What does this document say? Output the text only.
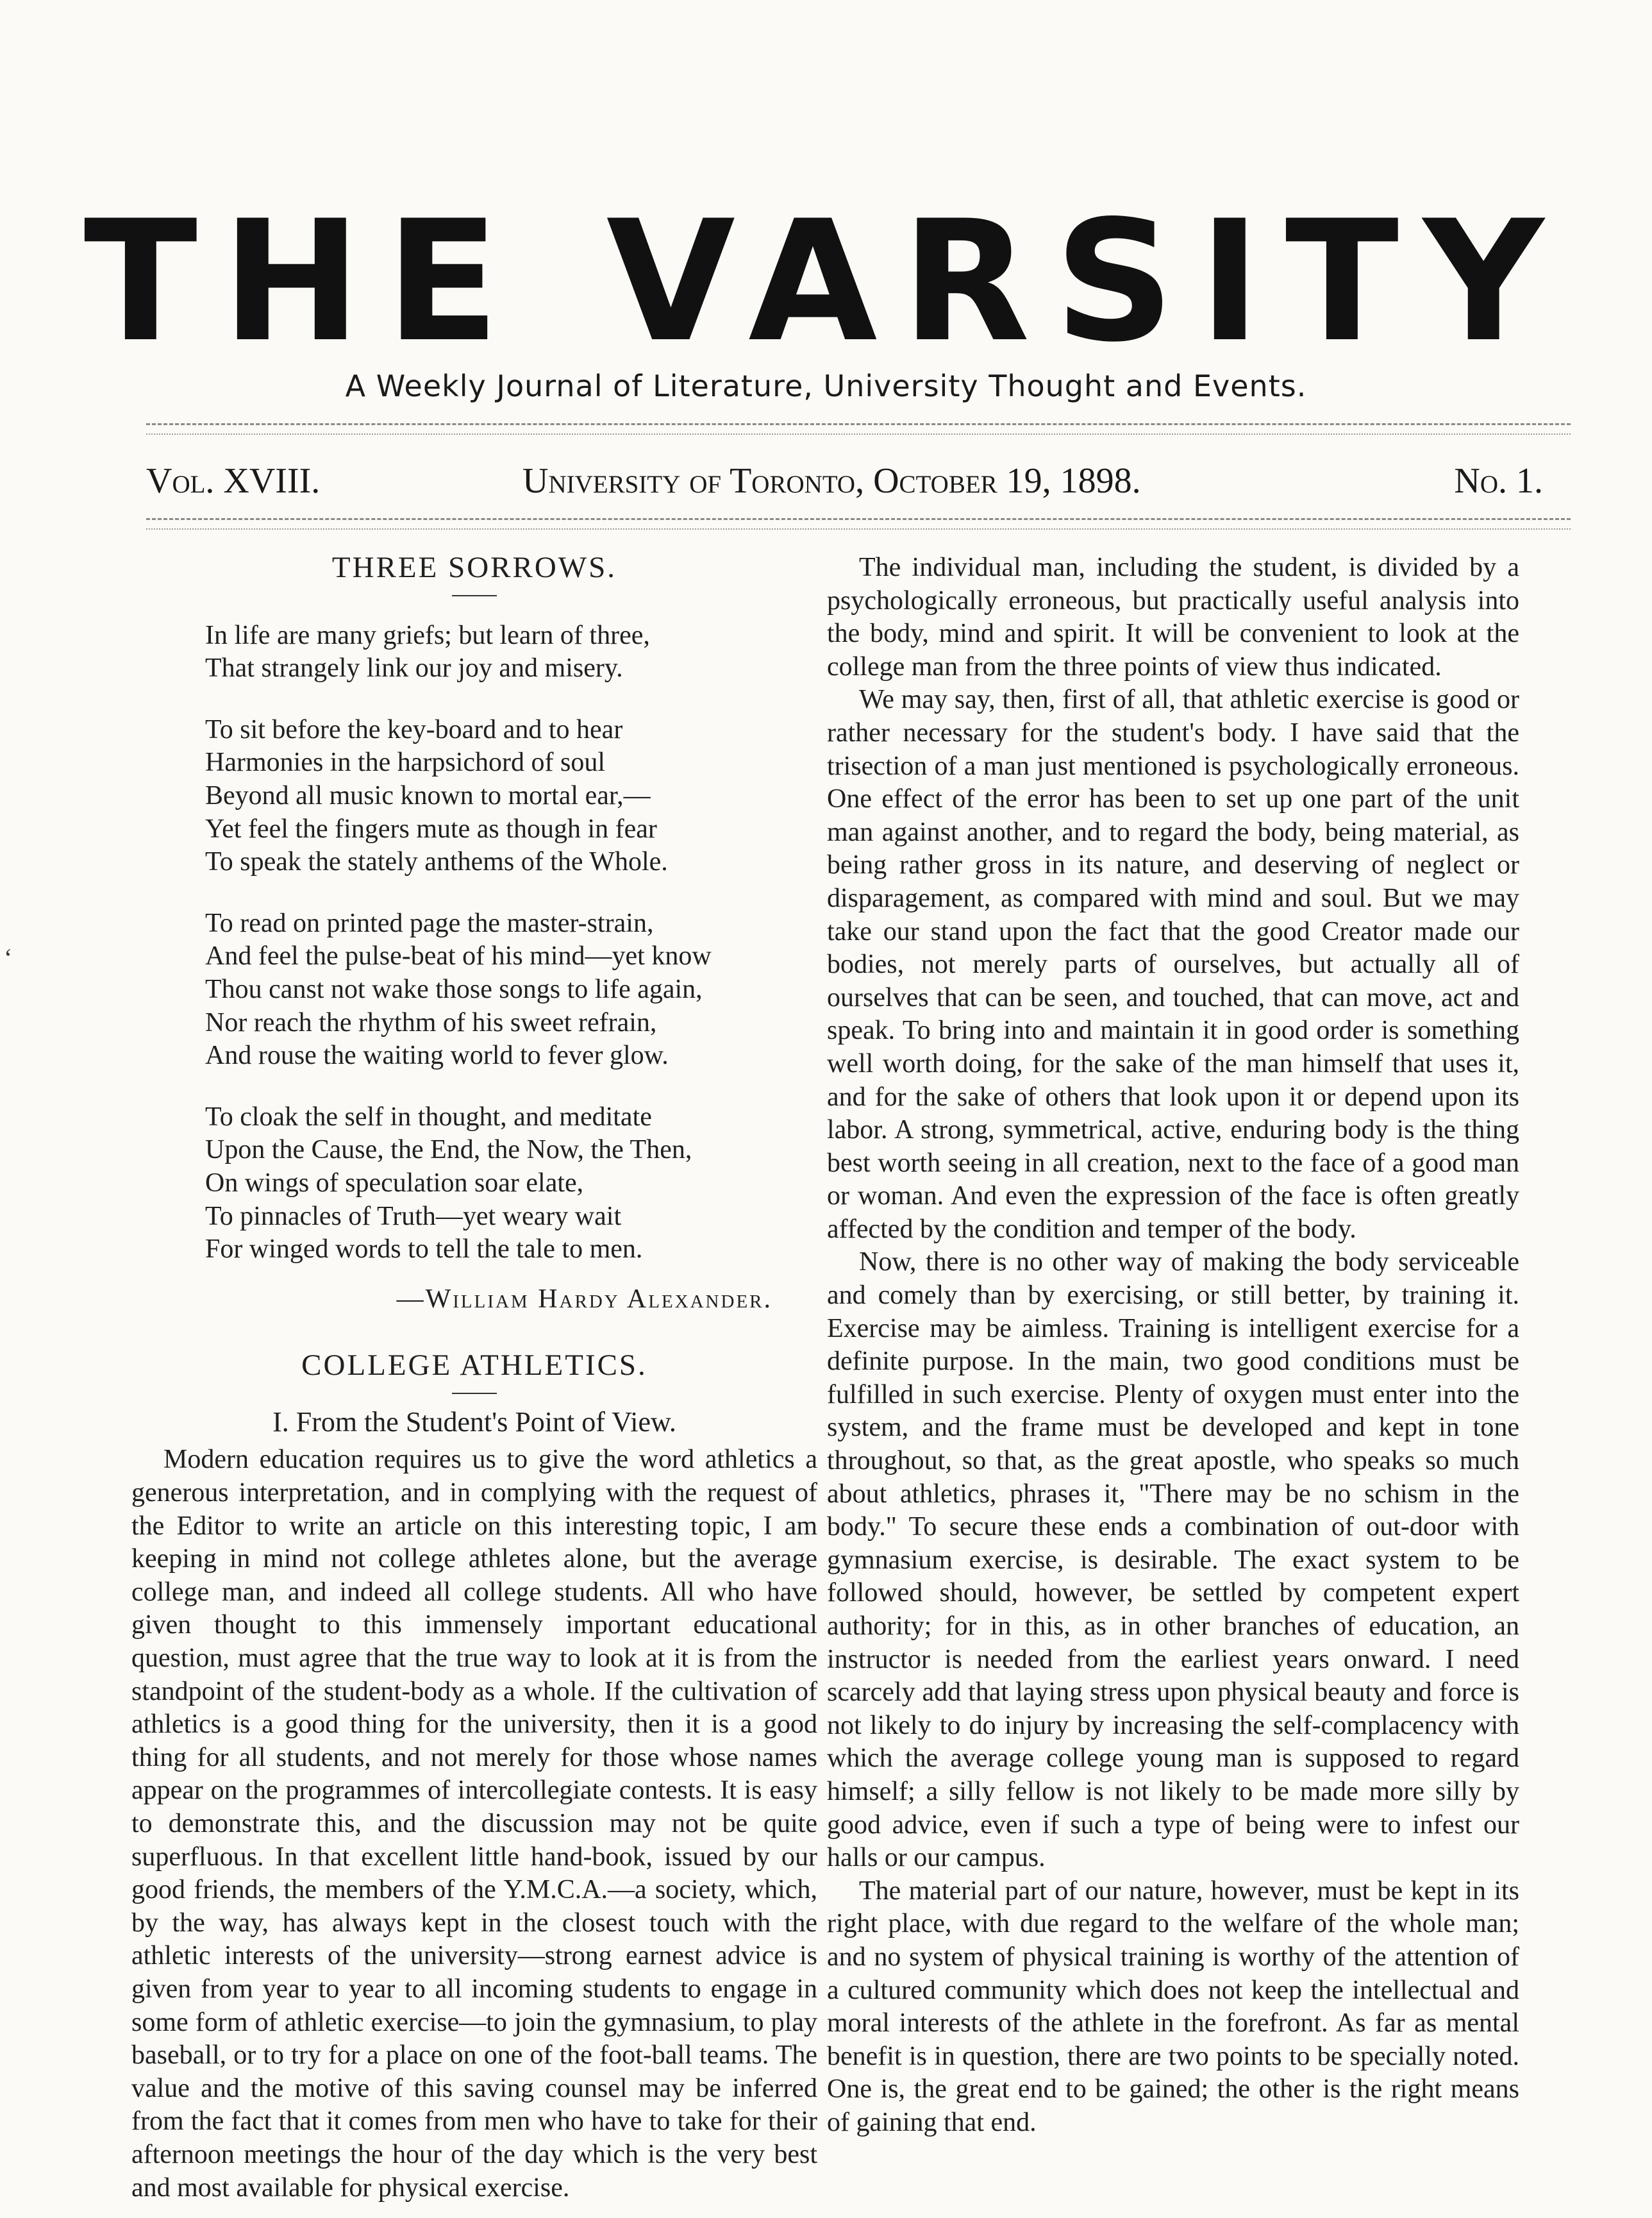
THE VARSITY
A Weekly Journal of Literature, University Thought and Events.
Vol. XVIII.	University of Toronto, October 19, 1898.	No. 1.
‘
THREE SORROWS.
In life are many griefs; but learn of three,
That strangely link our joy and misery.
To sit before the key-board and to hear
Harmonies in the harpsichord of soul
Beyond all music known to mortal ear,—
Yet feel the fingers mute as though in fear
To speak the stately anthems of the Whole.
To read on printed page the master-strain,
And feel the pulse-beat of his mind—yet know
Thou canst not wake those songs to life again,
Nor reach the rhythm of his sweet refrain,
And rouse the waiting world to fever glow.
To cloak the self in thought, and meditate
Upon the Cause, the End, the Now, the Then,
On wings of speculation soar elate,
To pinnacles of Truth—yet weary wait
For winged words to tell the tale to men.
—William Hardy Alexander.
COLLEGE ATHLETICS.
I. From the Student's Point of View.

Modern education requires us to give the word athletics a generous interpretation, and in complying with the request of the Editor to write an article on this interesting topic, I am keeping in mind not college athletes alone, but the average college man, and indeed all college students. All who have given thought to this immensely important educational question, must agree that the true way to look at it is from the standpoint of the student-body as a whole. If the cultivation of athletics is a good thing for the university, then it is a good thing for all students, and not merely for those whose names appear on the programmes of intercollegiate contests. It is easy to demonstrate this, and the discussion may not be quite superfluous. In that excellent little hand-book, issued by our good friends, the members of the Y.M.C.A.—a society, which, by the way, has always kept in the closest touch with the athletic interests of the university—strong earnest advice is given from year to year to all incoming students to engage in some form of athletic exercise—to join the gymnasium, to play baseball, or to try for a place on one of the foot-ball teams. The value and the motive of this saving counsel may be inferred from the fact that it comes from men who have to take for their afternoon meetings the hour of the day which is the very best and most available for physical exercise.

The individual man, including the student, is divided by a psychologically erroneous, but practically useful analysis into the body, mind and spirit. It will be convenient to look at the college man from the three points of view thus indicated.

We may say, then, first of all, that athletic exercise is good or rather necessary for the student's body. I have said that the trisection of a man just mentioned is psychologically erroneous. One effect of the error has been to set up one part of the unit man against another, and to regard the body, being material, as being rather gross in its nature, and deserving of neglect or disparagement, as compared with mind and soul. But we may take our stand upon the fact that the good Creator made our bodies, not merely parts of ourselves, but actually all of ourselves that can be seen, and touched, that can move, act and speak. To bring into and maintain it in good order is something well worth doing, for the sake of the man himself that uses it, and for the sake of others that look upon it or depend upon its labor. A strong, symmetrical, active, enduring body is the thing best worth seeing in all creation, next to the face of a good man or woman. And even the expression of the face is often greatly affected by the condition and temper of the body.

Now, there is no other way of making the body serviceable and comely than by exercising, or still better, by training it. Exercise may be aimless. Training is intelligent exercise for a definite purpose. In the main, two good conditions must be fulfilled in such exercise. Plenty of oxygen must enter into the system, and the frame must be developed and kept in tone throughout, so that, as the great apostle, who speaks so much about athletics, phrases it, "There may be no schism in the body." To secure these ends a combination of out-door with gymnasium exercise, is desirable. The exact system to be followed should, however, be settled by competent expert authority; for in this, as in other branches of education, an instructor is needed from the earliest years onward. I need scarcely add that laying stress upon physical beauty and force is not likely to do injury by increasing the self-complacency with which the average college young man is supposed to regard himself; a silly fellow is not likely to be made more silly by good advice, even if such a type of being were to infest our halls or our campus.

The material part of our nature, however, must be kept in its right place, with due regard to the welfare of the whole man; and no system of physical training is worthy of the attention of a cultured community which does not keep the intellectual and moral interests of the athlete in the forefront. As far as mental benefit is in question, there are two points to be specially noted. One is, the great end to be gained; the other is the right means of gaining that end.
